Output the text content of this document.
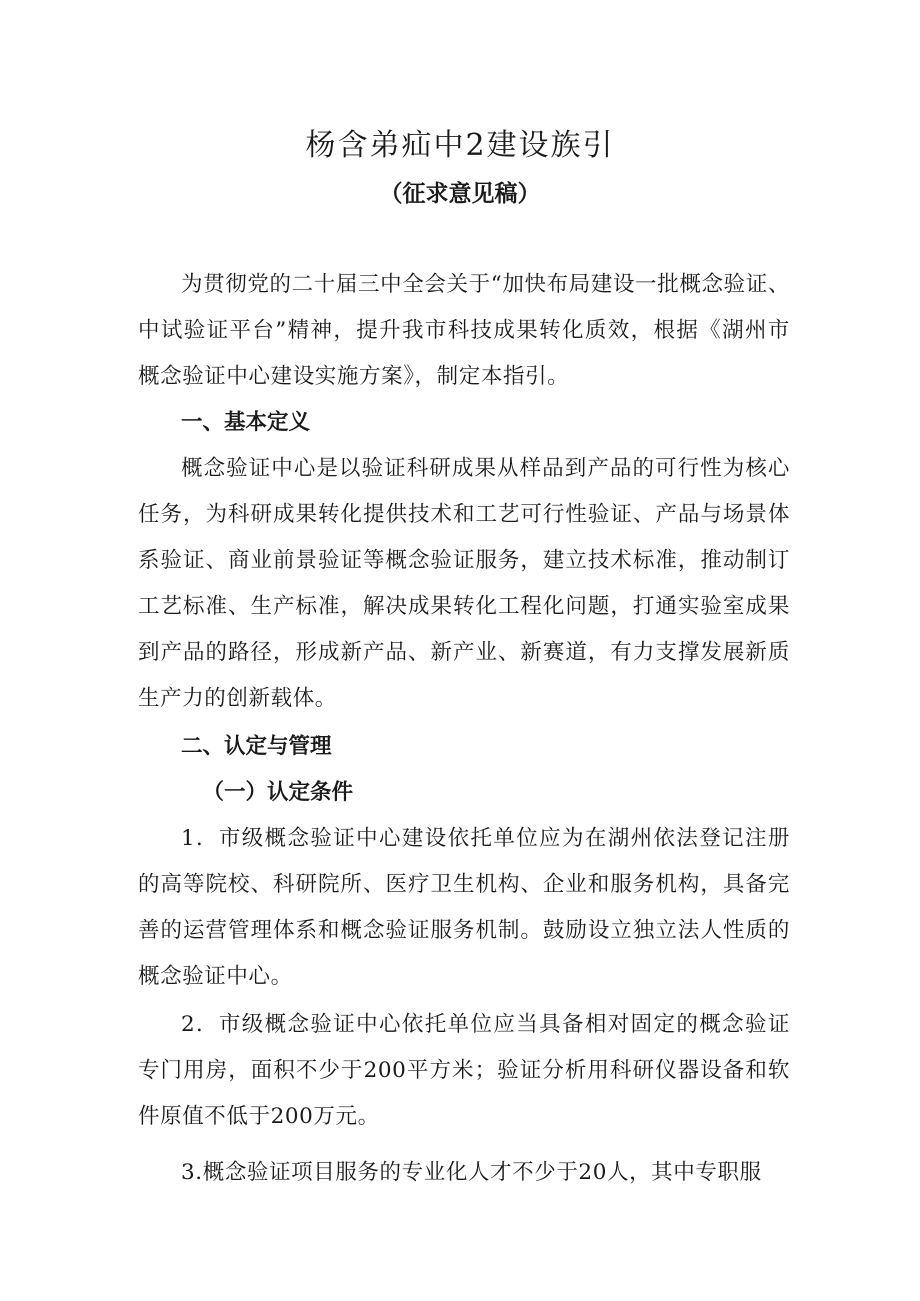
杨含弟疝中2建设族引
（征求意见稿）

为贯彻党的二十届三中全会关于“加快布局建设一批概念验证、中试验证平台”精神，提升我市科技成果转化质效，根据《湖州市概念验证中心建设实施方案》，制定本指引。

一、基本定义

概念验证中心是以验证科研成果从样品到产品的可行性为核心任务，为科研成果转化提供技术和工艺可行性验证、产品与场景体系验证、商业前景验证等概念验证服务，建立技术标准，推动制订工艺标准、生产标准，解决成果转化工程化问题，打通实验室成果到产品的路径，形成新产品、新产业、新赛道，有力支撑发展新质生产力的创新载体。

二、认定与管理

（一）认定条件

1．市级概念验证中心建设依托单位应为在湖州依法登记注册的高等院校、科研院所、医疗卫生机构、企业和服务机构，具备完善的运营管理体系和概念验证服务机制。鼓励设立独立法人性质的概念验证中心。

2．市级概念验证中心依托单位应当具备相对固定的概念验证专门用房，面积不少于200平方米；验证分析用科研仪器设备和软件原值不低于200万元。

3.概念验证项目服务的专业化人才不少于20人，其中专职服
